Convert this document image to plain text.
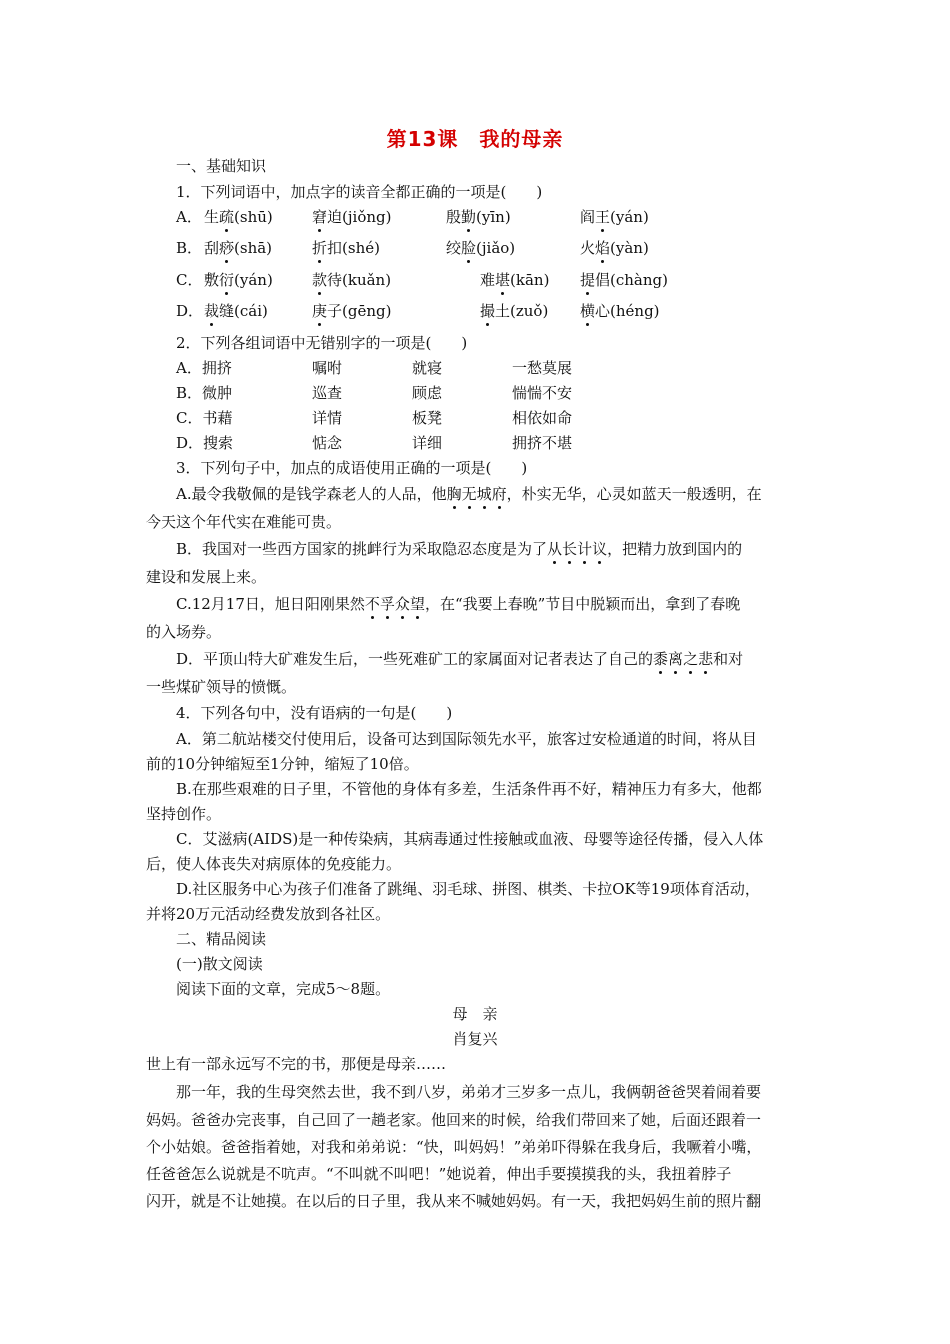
第13课　我的母亲
一、基础知识
1．下列词语中，加点字的读音全都正确的一项是(　　)
A． 生疏(shū)	窘迫(jiǒng)	殷勤(yīn)	阎王(yán)
B． 刮痧(shā)	折扣(shé)	绞脸(jiǎo)	火焰(yàn)
C． 敷衍(yán)	款待(kuǎn)	难堪(kān) 提倡(chàng)
D． 裁缝(cái)	庚子(gēng)	撮土(zuǒ) 横心(héng)
2．下列各组词语中无错别字的一项是(　　)
A．拥挤	嘱咐	就寝	一愁莫展
B．微肿	巡查	顾虑	惴惴不安
C．书藉	详情	板凳	相依如命
D．搜索	惦念	详细	拥挤不堪
3．下列句子中，加点的成语使用正确的一项是(　　)
A.最令我敬佩的是钱学森老人的人品，他胸无城府，朴实无华，心灵如蓝天一般透明，在
今天这个年代实在难能可贵。
B．我国对一些西方国家的挑衅行为采取隐忍态度是为了从长计议，把精力放到国内的
建设和发展上来。
C.12月17日，旭日阳刚果然不孚众望，在“我要上春晚”节目中脱颖而出，拿到了春晚
的入场券。
D．平顶山特大矿难发生后，一些死难矿工的家属面对记者表达了自己的黍离之悲和对
一些煤矿领导的愤慨。
4．下列各句中，没有语病的一句是(　　)
A．第二航站楼交付使用后，设备可达到国际领先水平，旅客过安检通道的时间，将从目
前的10分钟缩短至1分钟，缩短了10倍。
B.在那些艰难的日子里，不管他的身体有多差，生活条件再不好，精神压力有多大，他都
坚持创作。
C．艾滋病(AIDS)是一种传染病，其病毒通过性接触或血液、母婴等途径传播，侵入人体
后，使人体丧失对病原体的免疫能力。
D.社区服务中心为孩子们准备了跳绳、羽毛球、拼图、棋类、卡拉OK等19项体育活动，
并将20万元活动经费发放到各社区。
二、精品阅读
(一)散文阅读
阅读下面的文章，完成5～8题。
母　亲
肖复兴
世上有一部永远写不完的书，那便是母亲……
那一年，我的生母突然去世，我不到八岁，弟弟才三岁多一点儿，我俩朝爸爸哭着闹着要
妈妈。爸爸办完丧事，自己回了一趟老家。他回来的时候，给我们带回来了她，后面还跟着一
个小姑娘。爸爸指着她，对我和弟弟说：“快，叫妈妈！”弟弟吓得躲在我身后，我噘着小嘴，
任爸爸怎么说就是不吭声。“不叫就不叫吧！”她说着，伸出手要摸摸我的头，我扭着脖子
闪开，就是不让她摸。在以后的日子里，我从来不喊她妈妈。有一天，我把妈妈生前的照片翻
